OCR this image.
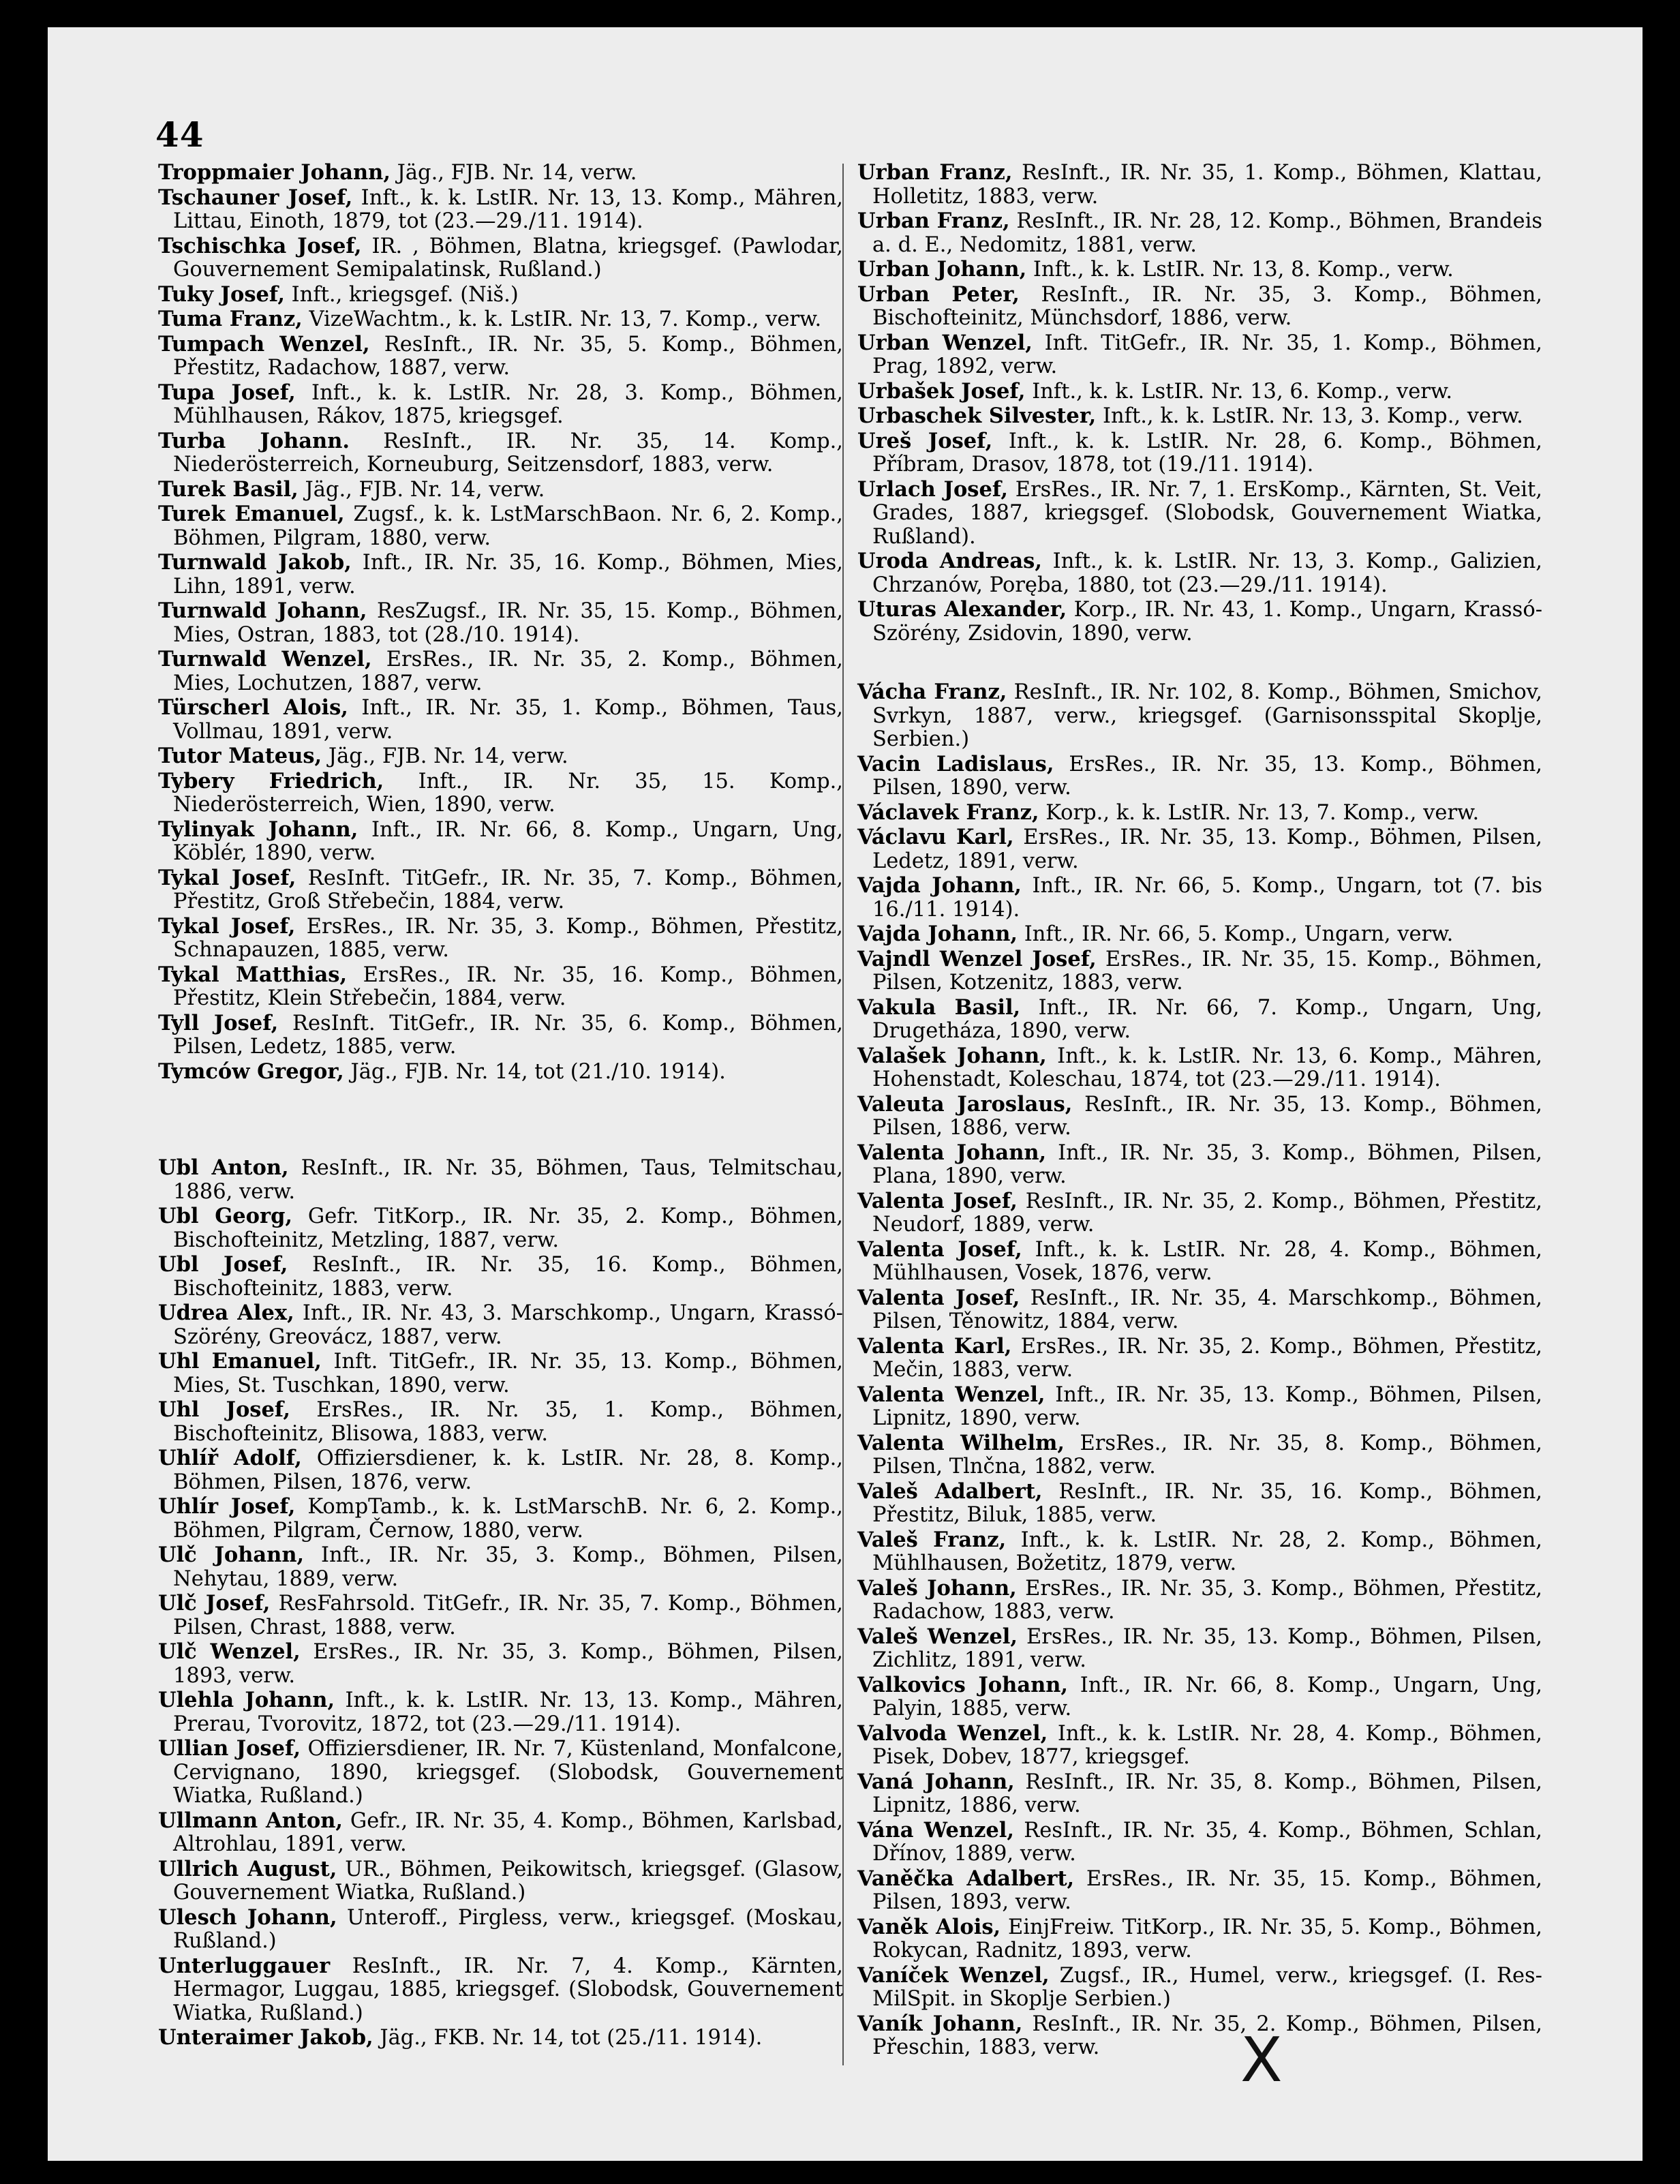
44
Troppmaier Johann, Jäg., FJB. Nr. 14, verw.
Tschauner Josef, Inft., k. k. LstIR. Nr. 13, 13. Komp., Mähren, Littau, Einoth, 1879, tot (23.—29./11. 1914).
Tschischka Josef, IR. , Böhmen, Blatna, kriegsgef. (Pawlodar, Gouvernement Semipalatinsk, Rußland.)
Tuky Josef, Inft., kriegsgef. (Niš.)
Tuma Franz, VizeWachtm., k. k. LstIR. Nr. 13, 7. Komp., verw.
Tumpach Wenzel, ResInft., IR. Nr. 35, 5. Komp., Böhmen, Přestitz, Radachow, 1887, verw.
Tupa Josef, Inft., k. k. LstIR. Nr. 28, 3. Komp., Böhmen, Mühlhausen, Rákov, 1875, kriegsgef.
Turba Johann. ResInft., IR. Nr. 35, 14. Komp., Niederösterreich, Korneuburg, Seitzensdorf, 1883, verw.
Turek Basil, Jäg., FJB. Nr. 14, verw.
Turek Emanuel, Zugsf., k. k. LstMarschBaon. Nr. 6, 2. Komp., Böhmen, Pilgram, 1880, verw.
Turnwald Jakob, Inft., IR. Nr. 35, 16. Komp., Böhmen, Mies, Lihn, 1891, verw.
Turnwald Johann, ResZugsf., IR. Nr. 35, 15. Komp., Böhmen, Mies, Ostran, 1883, tot (28./10. 1914).
Turnwald Wenzel, ErsRes., IR. Nr. 35, 2. Komp., Böhmen, Mies, Lochutzen, 1887, verw.
Türscherl Alois, Inft., IR. Nr. 35, 1. Komp., Böhmen, Taus, Vollmau, 1891, verw.
Tutor Mateus, Jäg., FJB. Nr. 14, verw.
Tybery Friedrich, Inft., IR. Nr. 35, 15. Komp., Niederösterreich, Wien, 1890, verw.
Tylinyak Johann, Inft., IR. Nr. 66, 8. Komp., Ungarn, Ung, Köblér, 1890, verw.
Tykal Josef, ResInft. TitGefr., IR. Nr. 35, 7. Komp., Böhmen, Přestitz, Groß Střebečin, 1884, verw.
Tykal Josef, ErsRes., IR. Nr. 35, 3. Komp., Böhmen, Přestitz, Schnapauzen, 1885, verw.
Tykal Matthias, ErsRes., IR. Nr. 35, 16. Komp., Böhmen, Přestitz, Klein Střebečin, 1884, verw.
Tyll Josef, ResInft. TitGefr., IR. Nr. 35, 6. Komp., Böhmen, Pilsen, Ledetz, 1885, verw.
Tymców Gregor, Jäg., FJB. Nr. 14, tot (21./10. 1914).
Ubl Anton, ResInft., IR. Nr. 35, Böhmen, Taus, Telmitschau, 1886, verw.
Ubl Georg, Gefr. TitKorp., IR. Nr. 35, 2. Komp., Böhmen, Bischofteinitz, Metzling, 1887, verw.
Ubl Josef, ResInft., IR. Nr. 35, 16. Komp., Böhmen, Bischofteinitz, 1883, verw.
Udrea Alex, Inft., IR. Nr. 43, 3. Marschkomp., Ungarn, Krassó-Szörény, Greovácz, 1887, verw.
Uhl Emanuel, Inft. TitGefr., IR. Nr. 35, 13. Komp., Böhmen, Mies, St. Tuschkan, 1890, verw.
Uhl Josef, ErsRes., IR. Nr. 35, 1. Komp., Böhmen, Bischofteinitz, Blisowa, 1883, verw.
Uhlíř Adolf, Offiziersdiener, k. k. LstIR. Nr. 28, 8. Komp., Böhmen, Pilsen, 1876, verw.
Uhlír Josef, KompTamb., k. k. LstMarschB. Nr. 6, 2. Komp., Böhmen, Pilgram, Černow, 1880, verw.
Ulč Johann, Inft., IR. Nr. 35, 3. Komp., Böhmen, Pilsen, Nehytau, 1889, verw.
Ulč Josef, ResFahrsold. TitGefr., IR. Nr. 35, 7. Komp., Böhmen, Pilsen, Chrast, 1888, verw.
Ulč Wenzel, ErsRes., IR. Nr. 35, 3. Komp., Böhmen, Pilsen, 1893, verw.
Ulehla Johann, Inft., k. k. LstIR. Nr. 13, 13. Komp., Mähren, Prerau, Tvorovitz, 1872, tot (23.—29./11. 1914).
Ullian Josef, Offiziersdiener, IR. Nr. 7, Küstenland, Monfalcone, Cervignano, 1890, kriegsgef. (Slobodsk, Gouvernement Wiatka, Rußland.)
Ullmann Anton, Gefr., IR. Nr. 35, 4. Komp., Böhmen, Karlsbad, Altrohlau, 1891, verw.
Ullrich August, UR., Böhmen, Peikowitsch, kriegsgef. (Glasow, Gouvernement Wiatka, Rußland.)
Ulesch Johann, Unteroff., Pirgless, verw., kriegsgef. (Moskau, Rußland.)
Unterluggauer ResInft., IR. Nr. 7, 4. Komp., Kärnten, Hermagor, Luggau, 1885, kriegsgef. (Slobodsk, Gouvernement Wiatka, Rußland.)
Unteraimer Jakob, Jäg., FKB. Nr. 14, tot (25./11. 1914).
Urban Franz, ResInft., IR. Nr. 35, 1. Komp., Böhmen, Klattau, Holletitz, 1883, verw.
Urban Franz, ResInft., IR. Nr. 28, 12. Komp., Böhmen, Brandeis a. d. E., Nedomitz, 1881, verw.
Urban Johann, Inft., k. k. LstIR. Nr. 13, 8. Komp., verw.
Urban Peter, ResInft., IR. Nr. 35, 3. Komp., Böhmen, Bischofteinitz, Münchsdorf, 1886, verw.
Urban Wenzel, Inft. TitGefr., IR. Nr. 35, 1. Komp., Böhmen, Prag, 1892, verw.
Urbašek Josef, Inft., k. k. LstIR. Nr. 13, 6. Komp., verw.
Urbaschek Silvester, Inft., k. k. LstIR. Nr. 13, 3. Komp., verw.
Ureš Josef, Inft., k. k. LstIR. Nr. 28, 6. Komp., Böhmen, Příbram, Drasov, 1878, tot (19./11. 1914).
Urlach Josef, ErsRes., IR. Nr. 7, 1. ErsKomp., Kärnten, St. Veit, Grades, 1887, kriegsgef. (Slobodsk, Gouvernement Wiatka, Rußland).
Uroda Andreas, Inft., k. k. LstIR. Nr. 13, 3. Komp., Galizien, Chrzanów, Poręba, 1880, tot (23.—29./11. 1914).
Uturas Alexander, Korp., IR. Nr. 43, 1. Komp., Ungarn, Krassó-Szörény, Zsidovin, 1890, verw.
Vácha Franz, ResInft., IR. Nr. 102, 8. Komp., Böhmen, Smichov, Svrkyn, 1887, verw., kriegsgef. (Garnisonsspital Skoplje, Serbien.)
Vacin Ladislaus, ErsRes., IR. Nr. 35, 13. Komp., Böhmen, Pilsen, 1890, verw.
Václavek Franz, Korp., k. k. LstIR. Nr. 13, 7. Komp., verw.
Václavu Karl, ErsRes., IR. Nr. 35, 13. Komp., Böhmen, Pilsen, Ledetz, 1891, verw.
Vajda Johann, Inft., IR. Nr. 66, 5. Komp., Ungarn, tot (7. bis 16./11. 1914).
Vajda Johann, Inft., IR. Nr. 66, 5. Komp., Ungarn, verw.
Vajndl Wenzel Josef, ErsRes., IR. Nr. 35, 15. Komp., Böhmen, Pilsen, Kotzenitz, 1883, verw.
Vakula Basil, Inft., IR. Nr. 66, 7. Komp., Ungarn, Ung, Drugetháza, 1890, verw.
Valašek Johann, Inft., k. k. LstIR. Nr. 13, 6. Komp., Mähren, Hohenstadt, Koleschau, 1874, tot (23.—29./11. 1914).
Valeuta Jaroslaus, ResInft., IR. Nr. 35, 13. Komp., Böhmen, Pilsen, 1886, verw.
Valenta Johann, Inft., IR. Nr. 35, 3. Komp., Böhmen, Pilsen, Plana, 1890, verw.
Valenta Josef, ResInft., IR. Nr. 35, 2. Komp., Böhmen, Přestitz, Neudorf, 1889, verw.
Valenta Josef, Inft., k. k. LstIR. Nr. 28, 4. Komp., Böhmen, Mühlhausen, Vosek, 1876, verw.
Valenta Josef, ResInft., IR. Nr. 35, 4. Marschkomp., Böhmen, Pilsen, Těnowitz, 1884, verw.
Valenta Karl, ErsRes., IR. Nr. 35, 2. Komp., Böhmen, Přestitz, Mečin, 1883, verw.
Valenta Wenzel, Inft., IR. Nr. 35, 13. Komp., Böhmen, Pilsen, Lipnitz, 1890, verw.
Valenta Wilhelm, ErsRes., IR. Nr. 35, 8. Komp., Böhmen, Pilsen, Tlnčna, 1882, verw.
Valeš Adalbert, ResInft., IR. Nr. 35, 16. Komp., Böhmen, Přestitz, Biluk, 1885, verw.
Valeš Franz, Inft., k. k. LstIR. Nr. 28, 2. Komp., Böhmen, Mühlhausen, Božetitz, 1879, verw.
Valeš Johann, ErsRes., IR. Nr. 35, 3. Komp., Böhmen, Přestitz, Radachow, 1883, verw.
Valeš Wenzel, ErsRes., IR. Nr. 35, 13. Komp., Böhmen, Pilsen, Zichlitz, 1891, verw.
Valkovics Johann, Inft., IR. Nr. 66, 8. Komp., Ungarn, Ung, Palyin, 1885, verw.
Valvoda Wenzel, Inft., k. k. LstIR. Nr. 28, 4. Komp., Böhmen, Pisek, Dobev, 1877, kriegsgef.
Vaná Johann, ResInft., IR. Nr. 35, 8. Komp., Böhmen, Pilsen, Lipnitz, 1886, verw.
Vána Wenzel, ResInft., IR. Nr. 35, 4. Komp., Böhmen, Schlan, Dřínov, 1889, verw.
Vaněčka Adalbert, ErsRes., IR. Nr. 35, 15. Komp., Böhmen, Pilsen, 1893, verw.
Vaněk Alois, EinjFreiw. TitKorp., IR. Nr. 35, 5. Komp., Böhmen, Rokycan, Radnitz, 1893, verw.
Vaníček Wenzel, Zugsf., IR., Humel, verw., kriegsgef. (I. Res-MilSpit. in Skoplje Serbien.)
Vaník Johann, ResInft., IR. Nr. 35, 2. Komp., Böhmen, Pilsen, Přeschin, 1883, verw.	X
